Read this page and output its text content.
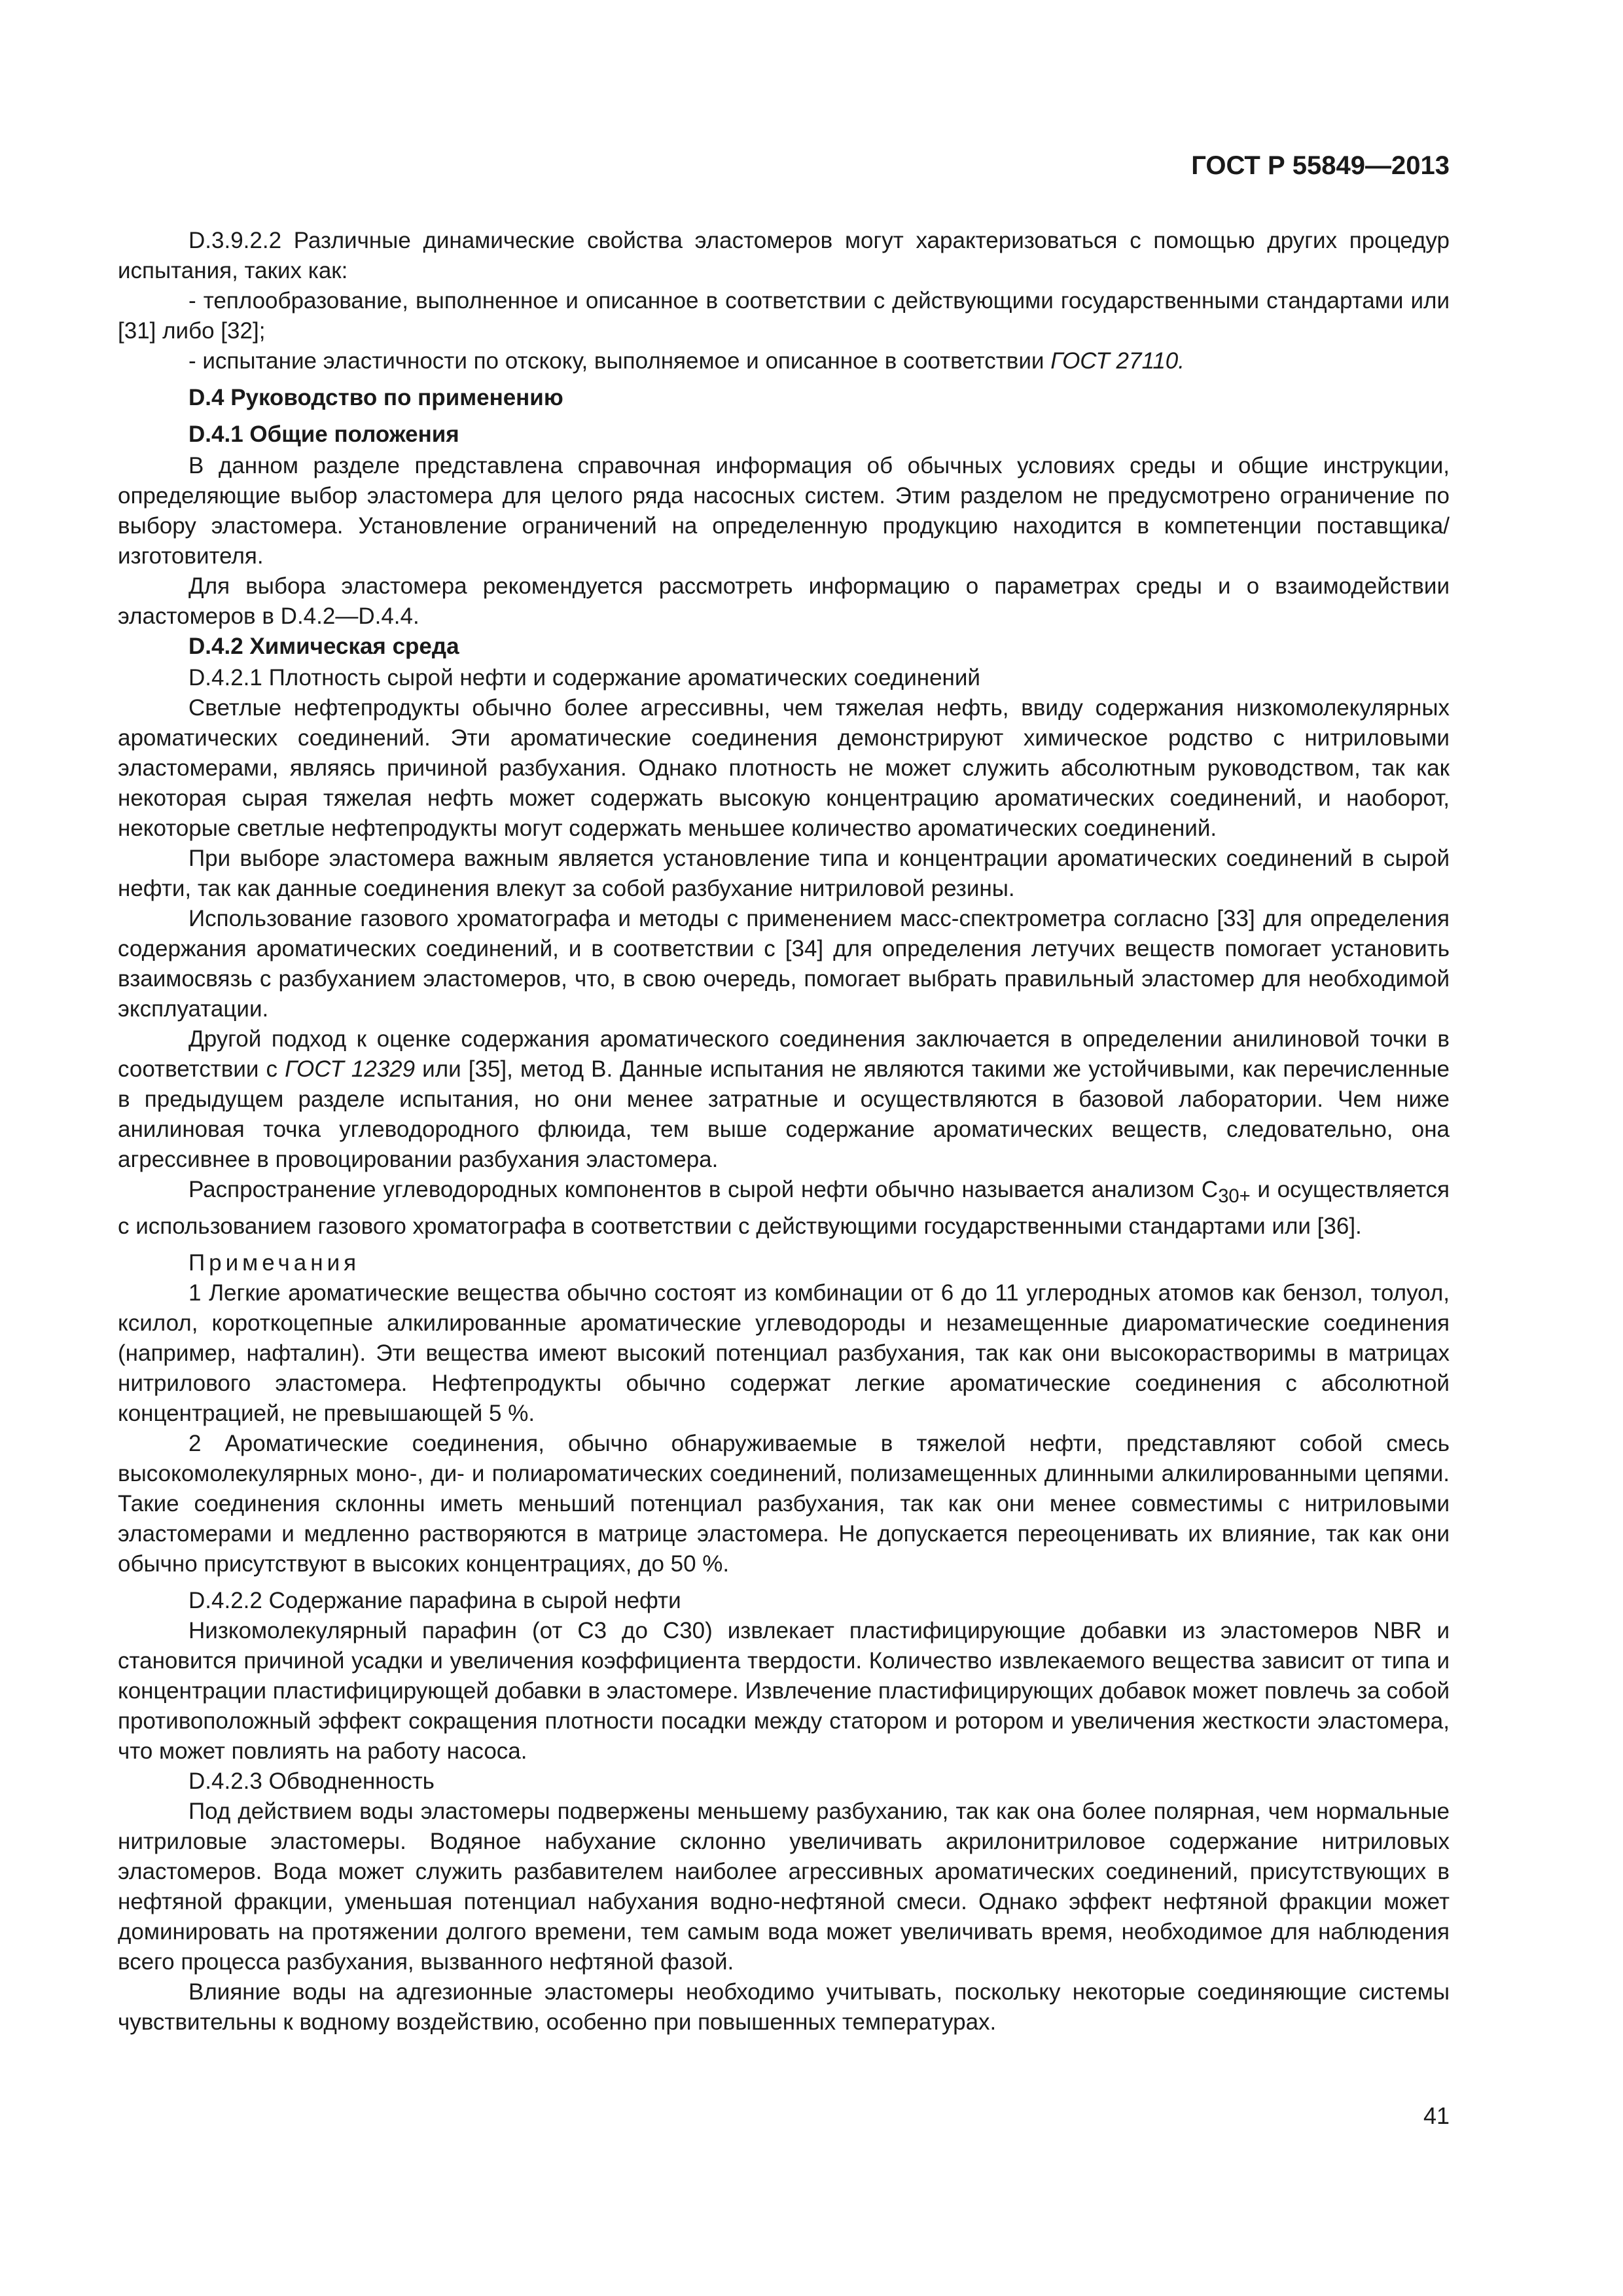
ГОСТ Р 55849—2013

D.3.9.2.2 Различные динамические свойства эластомеров могут характеризоваться с помощью других процедур испытания, таких как:

- теплообразование, выполненное и описанное в соответствии с действующими государственными стандартами или [31] либо [32];

- испытание эластичности по отскоку, выполняемое и описанное в соответствии ГОСТ 27110.

D.4 Руководство по применению

D.4.1 Общие положения

В данном разделе представлена справочная информация об обычных условиях среды и общие инструкции, определяющие выбор эластомера для целого ряда насосных систем. Этим разделом не предусмотрено ограничение по выбору эластомера. Установление ограничений на определенную продукцию находится в компетенции поставщика/изготовителя.

Для выбора эластомера рекомендуется рассмотреть информацию о параметрах среды и о взаимодействии эластомеров в D.4.2—D.4.4.

D.4.2 Химическая среда

D.4.2.1 Плотность сырой нефти и содержание ароматических соединений

Светлые нефтепродукты обычно более агрессивны, чем тяжелая нефть, ввиду содержания низкомолекулярных ароматических соединений. Эти ароматические соединения демонстрируют химическое родство с нитриловыми эластомерами, являясь причиной разбухания. Однако плотность не может служить абсолютным руководством, так как некоторая сырая тяжелая нефть может содержать высокую концентрацию ароматических соединений, и наоборот, некоторые светлые нефтепродукты могут содержать меньшее количество ароматических соединений.

При выборе эластомера важным является установление типа и концентрации ароматических соединений в сырой нефти, так как данные соединения влекут за собой разбухание нитриловой резины.

Использование газового хроматографа и методы с применением масс-спектрометра согласно [33] для определения содержания ароматических соединений, и в соответствии с [34] для определения летучих веществ помогает установить взаимосвязь с разбуханием эластомеров, что, в свою очередь, помогает выбрать правильный эластомер для необходимой эксплуатации.

Другой подход к оценке содержания ароматического соединения заключается в определении анилиновой точки в соответствии с ГОСТ 12329 или [35], метод В. Данные испытания не являются такими же устойчивыми, как перечисленные в предыдущем разделе испытания, но они менее затратные и осуществляются в базовой лаборатории. Чем ниже анилиновая точка углеводородного флюида, тем выше содержание ароматических веществ, следовательно, она агрессивнее в провоцировании разбухания эластомера.

Распространение углеводородных компонентов в сырой нефти обычно называется анализом $С_{30+}$ и осуществляется с использованием газового хроматографа в соответствии с действующими государственными стандартами или [36].

Примечания

1 Легкие ароматические вещества обычно состоят из комбинации от 6 до 11 углеродных атомов как бензол, толуол, ксилол, короткоцепные алкилированные ароматические углеводороды и незамещенные диароматические соединения (например, нафталин). Эти вещества имеют высокий потенциал разбухания, так как они высокорастворимы в матрицах нитрилового эластомера. Нефтепродукты обычно содержат легкие ароматические соединения с абсолютной концентрацией, не превышающей 5 %.

2 Ароматические соединения, обычно обнаруживаемые в тяжелой нефти, представляют собой смесь высокомолекулярных моно-, ди- и полиароматических соединений, полизамещенных длинными алкилированными цепями. Такие соединения склонны иметь меньший потенциал разбухания, так как они менее совместимы с нитриловыми эластомерами и медленно растворяются в матрице эластомера. Не допускается переоценивать их влияние, так как они обычно присутствуют в высоких концентрациях, до 50 %.

D.4.2.2 Содержание парафина в сырой нефти

Низкомолекулярный парафин (от С3 до С30) извлекает пластифицирующие добавки из эластомеров NBR и становится причиной усадки и увеличения коэффициента твердости. Количество извлекаемого вещества зависит от типа и концентрации пластифицирующей добавки в эластомере. Извлечение пластифицирующих добавок может повлечь за собой противоположный эффект сокращения плотности посадки между статором и ротором и увеличения жесткости эластомера, что может повлиять на работу насоса.

D.4.2.3 Обводненность

Под действием воды эластомеры подвержены меньшему разбуханию, так как она более полярная, чем нормальные нитриловые эластомеры. Водяное набухание склонно увеличивать акрилонитриловое содержание нитриловых эластомеров. Вода может служить разбавителем наиболее агрессивных ароматических соединений, присутствующих в нефтяной фракции, уменьшая потенциал набухания водно-нефтяной смеси. Однако эффект нефтяной фракции может доминировать на протяжении долгого времени, тем самым вода может увеличивать время, необходимое для наблюдения всего процесса разбухания, вызванного нефтяной фазой.

Влияние воды на адгезионные эластомеры необходимо учитывать, поскольку некоторые соединяющие системы чувствительны к водному воздействию, особенно при повышенных температурах.

41
